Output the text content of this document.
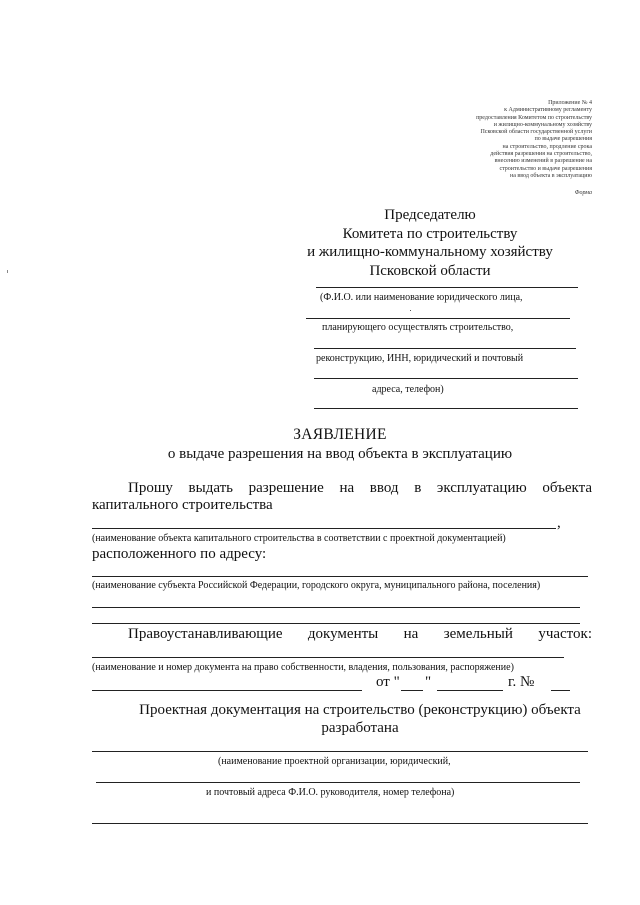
Приложение № 4
к Административному регламенту
предоставления Комитетом по строительству
и жилищно-коммунальному хозяйству
Псковской области государственной услуги
по выдаче разрешения
на строительство, продление срока
действия разрешения на строительство,
внесению изменений в разрешение на
строительство и выдаче разрешения
на ввод объекта в эксплуатацию
Форма
Председателю
Комитета по строительству
и жилищно-коммунальному хозяйству
Псковской области
(Ф.И.О. или наименование юридического лица,
планирующего осуществлять строительство,
реконструкцию, ИНН, юридический и почтовый
адреса, телефон)
ЗАЯВЛЕНИЕ
о выдаче разрешения на ввод объекта в эксплуатацию
Прошу выдать разрешение на ввод в эксплуатацию объекта
капитального строительства
,
(наименование объекта капитального строительства в соответствии с проектной документацией)
расположенного по адресу:
(наименование субъекта Российской Федерации, городского округа, муниципального района, поселения)
Правоустанавливающие документы на земельный участок:
(наименование и номер документа на право собственности, владения, пользования, распоряжение)
от " "	г. №
Проектная документация на строительство (реконструкцию) объекта
разработана
(наименование проектной организации, юридический,
и почтовый адреса Ф.И.О. руководителя, номер телефона)
